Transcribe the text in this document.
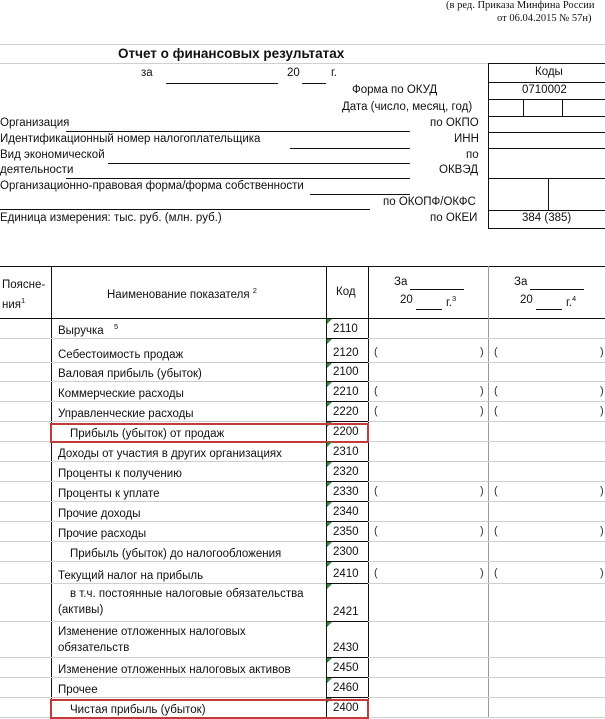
(в ред. Приказа Минфина России
от 06.04.2015 № 57н)
Отчет о финансовых результатах
за	20	г.	Коды
Форма по ОКУД	0710002
Дата (число, месяц, год)
Организация	по ОКПО
Идентификационный номер налогоплательщика	ИНН
Вид экономической
деятельности
по
ОКВЭД
Организационно-правовая форма/форма собственности
по ОКОПФ/ОКФС
Единица измерения: тыс. руб. (млн. руб.)	по ОКЕИ	384 (385)
Поясне-
ния$^1$	Наименование показателя $^2$	Код
За
20	г.$^3$
За
20	г.$^4$
Выручка 5	2110
Себестоимость продаж	2120 (	) (	)
Валовая прибыль (убыток)	2100
Коммерческие расходы	2210 (	) (	)
Управленческие расходы	2220 (	) (	)
Прибыль (убыток) от продаж	2200
Доходы от участия в других организациях	2310
Проценты к получению	2320
Проценты к уплате	2330 (	) (	)
Прочие доходы	2340
Прочие расходы	2350 (	) (	)
Прибыль (убыток) до налогообложения	2300
Текущий налог на прибыль	2410 (	) (	)
в т.ч. постоянные налоговые обязательства
(активы)	2421
Изменение отложенных налоговых
обязательств	2430
Изменение отложенных налоговых активов	2450
Прочее	2460
Чистая прибыль (убыток)	2400
